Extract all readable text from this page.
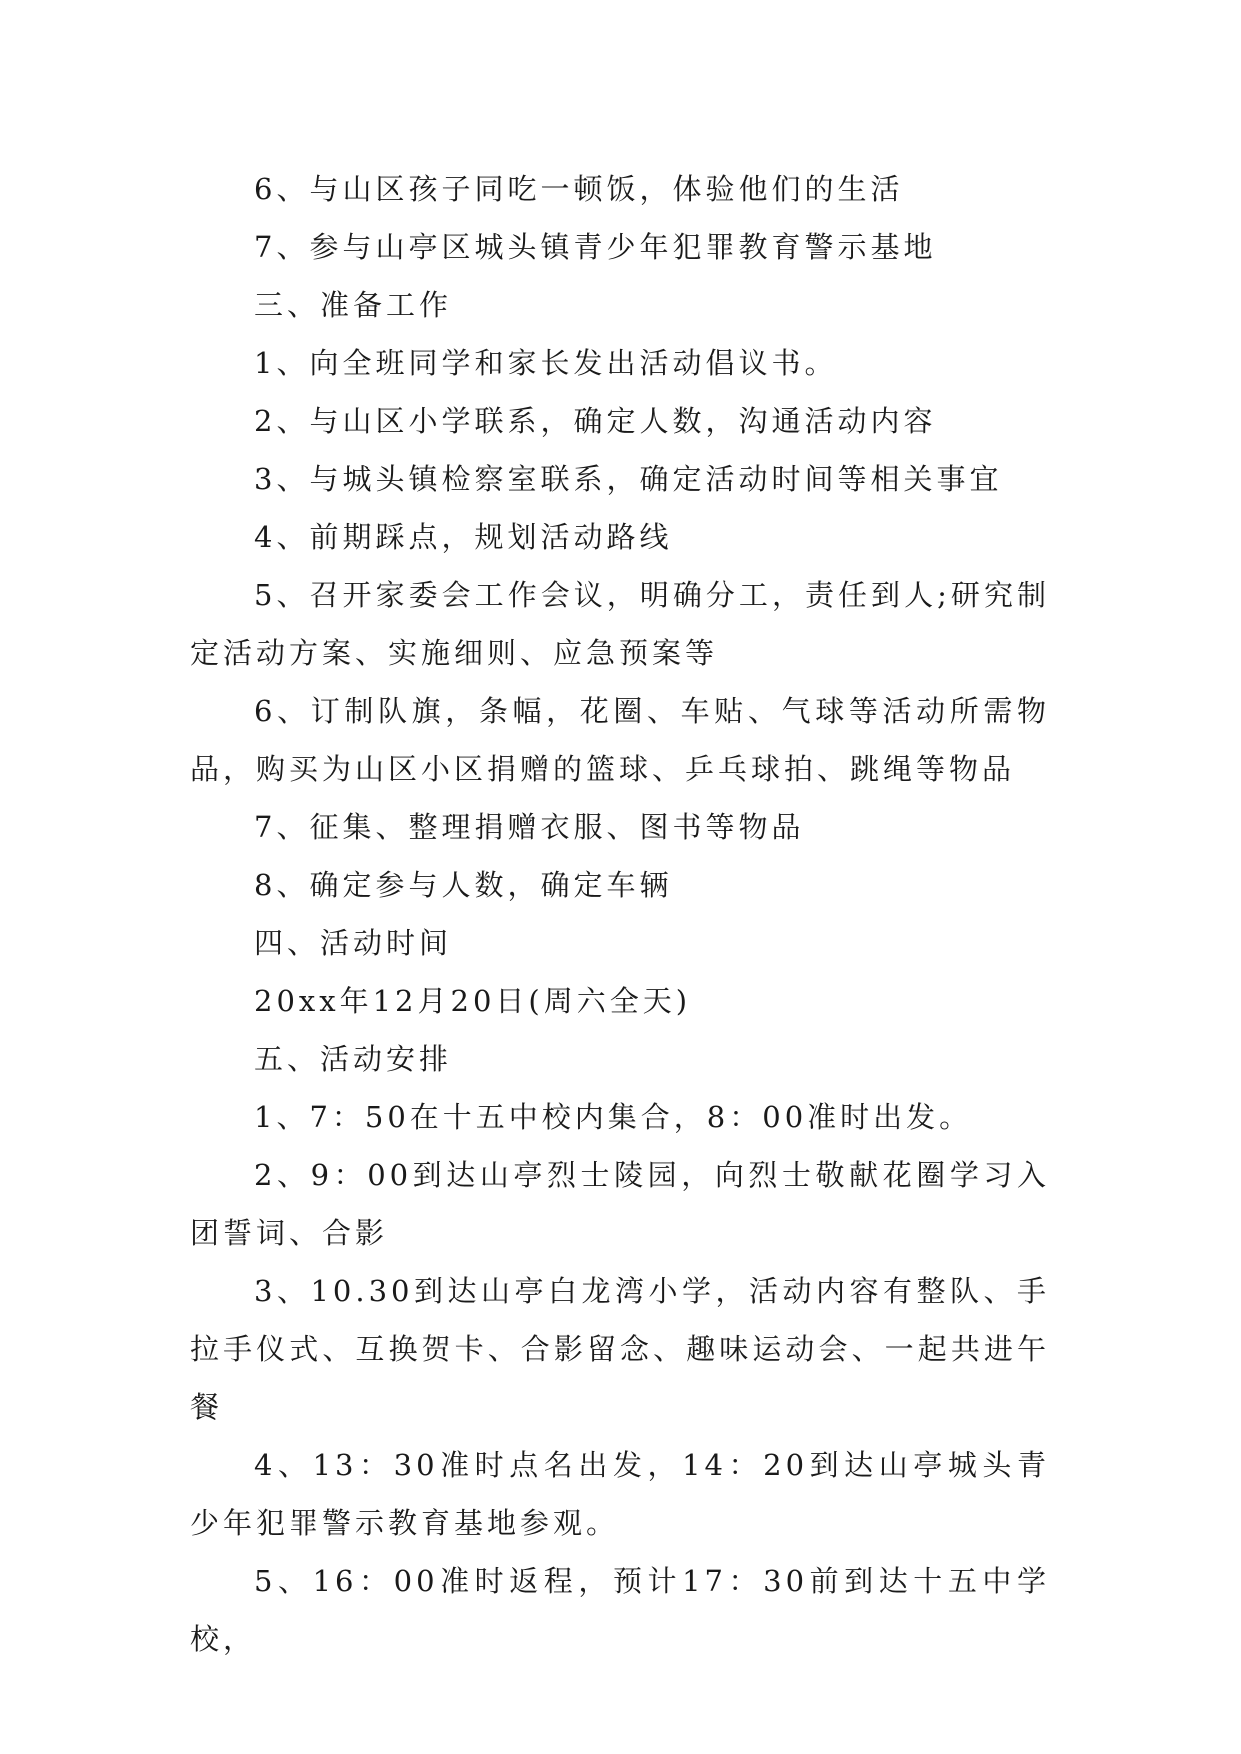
6、与山区孩子同吃一顿饭，体验他们的生活

7、参与山亭区城头镇青少年犯罪教育警示基地

三、准备工作

1、向全班同学和家长发出活动倡议书。

2、与山区小学联系，确定人数，沟通活动内容

3、与城头镇检察室联系，确定活动时间等相关事宜

4、前期踩点，规划活动路线

5、召开家委会工作会议，明确分工，责任到人;研究制定活动方案、实施细则、应急预案等

6、订制队旗，条幅，花圈、车贴、气球等活动所需物品，购买为山区小区捐赠的篮球、乒乓球拍、跳绳等物品

7、征集、整理捐赠衣服、图书等物品

8、确定参与人数，确定车辆

四、活动时间

20xx年12月20日(周六全天)

五、活动安排

1、7：50在十五中校内集合，8：00准时出发。

2、9：00到达山亭烈士陵园，向烈士敬献花圈学习入团誓词、合影

3、10.30到达山亭白龙湾小学，活动内容有整队、手拉手仪式、互换贺卡、合影留念、趣味运动会、一起共进午餐

4、13：30准时点名出发，14：20到达山亭城头青少年犯罪警示教育基地参观。

5、16：00准时返程，预计17：30前到达十五中学校，
